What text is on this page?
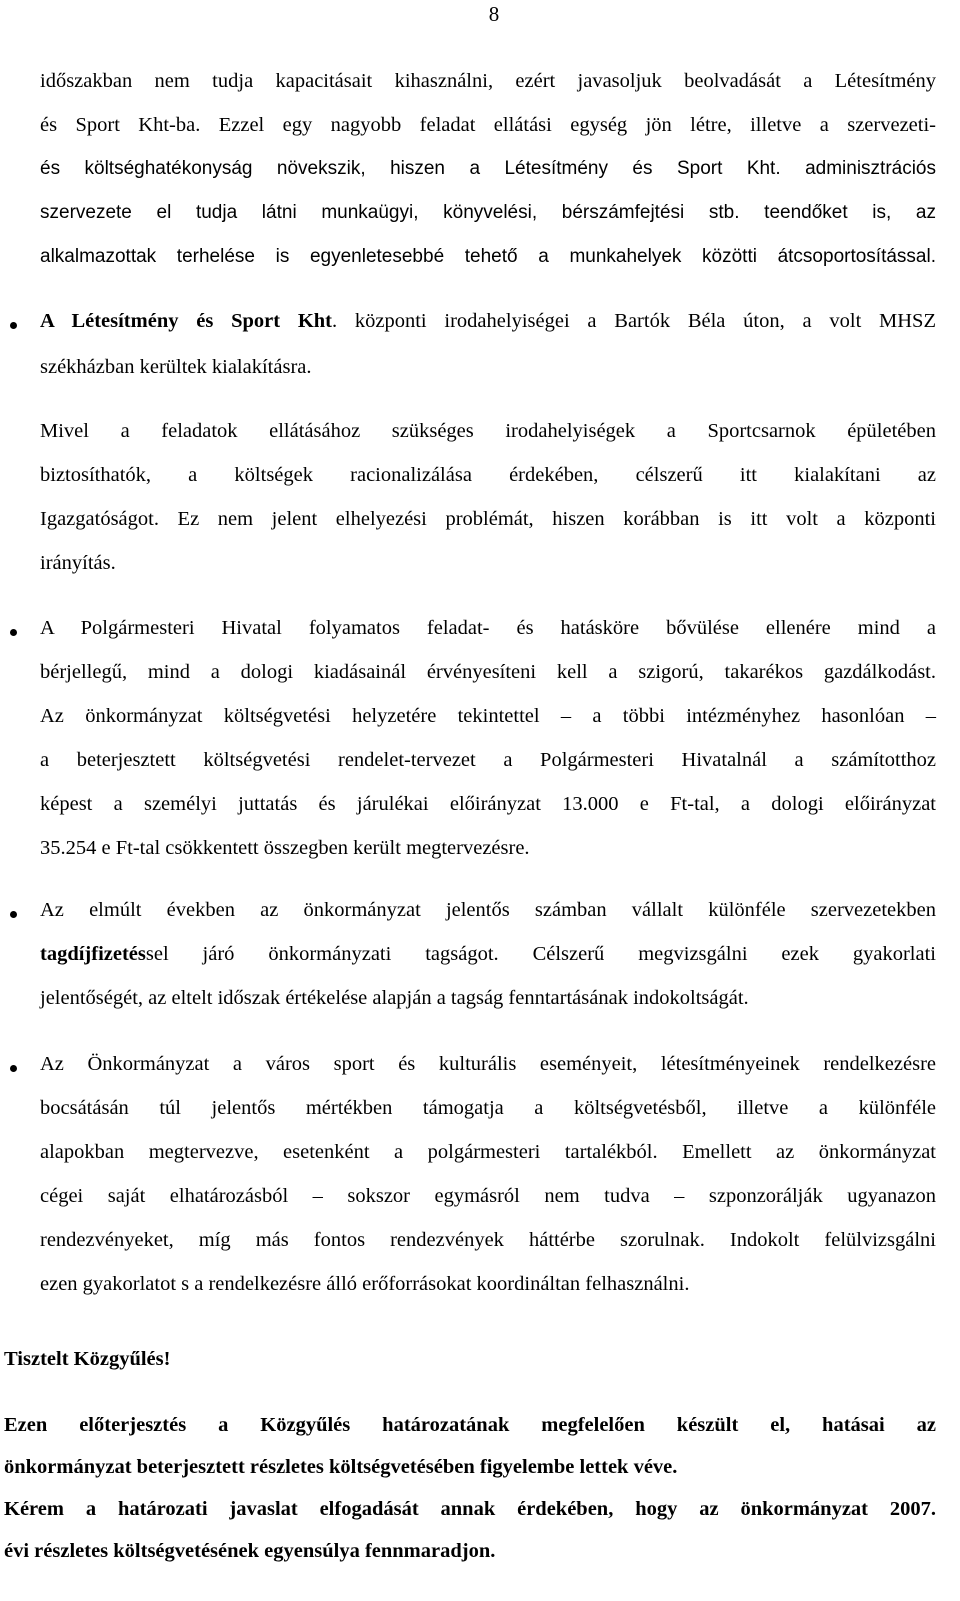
8
időszakban nem tudja kapacitásait kihasználni, ezért javasoljuk beolvadását a Létesítmény
és Sport Kht-ba. Ezzel egy nagyobb feladat ellátási egység jön létre, illetve a szervezeti-
és költséghatékonyság növekszik, hiszen a Létesítmény és Sport Kht. adminisztrációs
szervezete el tudja látni munkaügyi, könyvelési, bérszámfejtési stb. teendőket is, az
alkalmazottak terhelése is egyenletesebbé tehető a munkahelyek közötti átcsoportosítással.
A Létesítmény és Sport Kht. központi irodahelyiségei a Bartók Béla úton, a volt MHSZ
székházban kerültek kialakításra.
Mivel a feladatok ellátásához szükséges irodahelyiségek a Sportcsarnok épületében
biztosíthatók, a költségek racionalizálása érdekében, célszerű itt kialakítani az
Igazgatóságot. Ez nem jelent elhelyezési problémát, hiszen korábban is itt volt a központi
irányítás.
A Polgármesteri Hivatal folyamatos feladat- és hatásköre bővülése ellenére mind a
bérjellegű, mind a dologi kiadásainál érvényesíteni kell a szigorú, takarékos gazdálkodást.
Az önkormányzat költségvetési helyzetére tekintettel – a többi intézményhez hasonlóan –
a beterjesztett költségvetési rendelet-tervezet a Polgármesteri Hivatalnál a számítotthoz
képest a személyi juttatás és járulékai előirányzat 13.000 e Ft-tal, a dologi előirányzat
35.254 e Ft-tal csökkentett összegben került megtervezésre.
Az elmúlt években az önkormányzat jelentős számban vállalt különféle szervezetekben
tagdíjfizetéssel járó önkormányzati tagságot. Célszerű megvizsgálni ezek gyakorlati
jelentőségét, az eltelt időszak értékelése alapján a tagság fenntartásának indokoltságát.
Az Önkormányzat a város sport és kulturális eseményeit, létesítményeinek rendelkezésre
bocsátásán túl jelentős mértékben támogatja a költségvetésből, illetve a különféle
alapokban megtervezve, esetenként a polgármesteri tartalékból. Emellett az önkormányzat
cégei saját elhatározásból – sokszor egymásról nem tudva – szponzorálják ugyanazon
rendezvényeket, míg más fontos rendezvények háttérbe szorulnak. Indokolt felülvizsgálni
ezen gyakorlatot s a rendelkezésre álló erőforrásokat koordináltan felhasználni.
Tisztelt Közgyűlés!
Ezen előterjesztés a Közgyűlés határozatának megfelelően készült el, hatásai az
önkormányzat beterjesztett részletes költségvetésében figyelembe lettek véve.
Kérem a határozati javaslat elfogadását annak érdekében, hogy az önkormányzat 2007.
évi részletes költségvetésének egyensúlya fennmaradjon.
